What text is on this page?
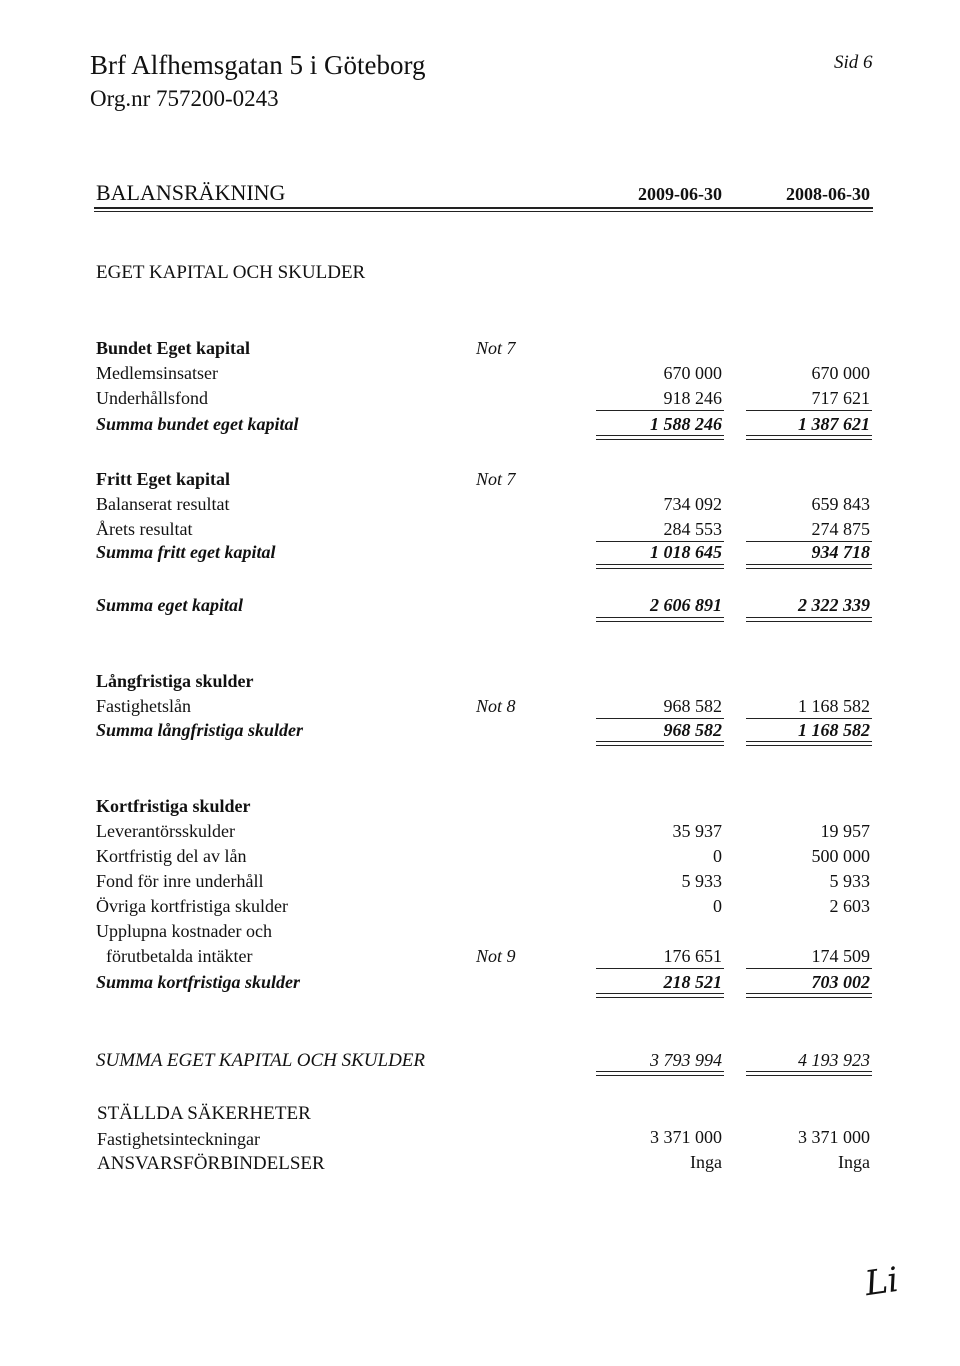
Brf Alfhemsgatan 5 i Göteborg
Org.nr 757200-0243
Sid 6
BALANSRÄKNING	2009-06-30	2008-06-30
EGET KAPITAL OCH SKULDER
Bundet Eget kapital	Not 7
Medlemsinsatser	670 000	670 000
Underhållsfond	918 246	717 621
Summa bundet eget kapital	1 588 246	1 387 621
Fritt Eget kapital	Not 7
Balanserat resultat	734 092	659 843
Årets resultat	284 553	274 875
Summa fritt eget kapital	1 018 645	934 718
Summa eget kapital	2 606 891	2 322 339
Långfristiga skulder
Fastighetslån	Not 8	968 582	1 168 582
Summa långfristiga skulder	968 582	1 168 582
Kortfristiga skulder
Leverantörsskulder	35 937	19 957
Kortfristig del av lån	0	500 000
Fond för inre underhåll	5 933	5 933
Övriga kortfristiga skulder	0	2 603
Upplupna kostnader och
förutbetalda intäkter	Not 9	176 651	174 509
Summa kortfristiga skulder	218 521	703 002
SUMMA EGET KAPITAL OCH SKULDER	3 793 994	4 193 923
STÄLLDA SÄKERHETER
Fastighetsinteckningar	3 371 000	3 371 000
ANSVARSFÖRBINDELSER	Inga	Inga
Li
